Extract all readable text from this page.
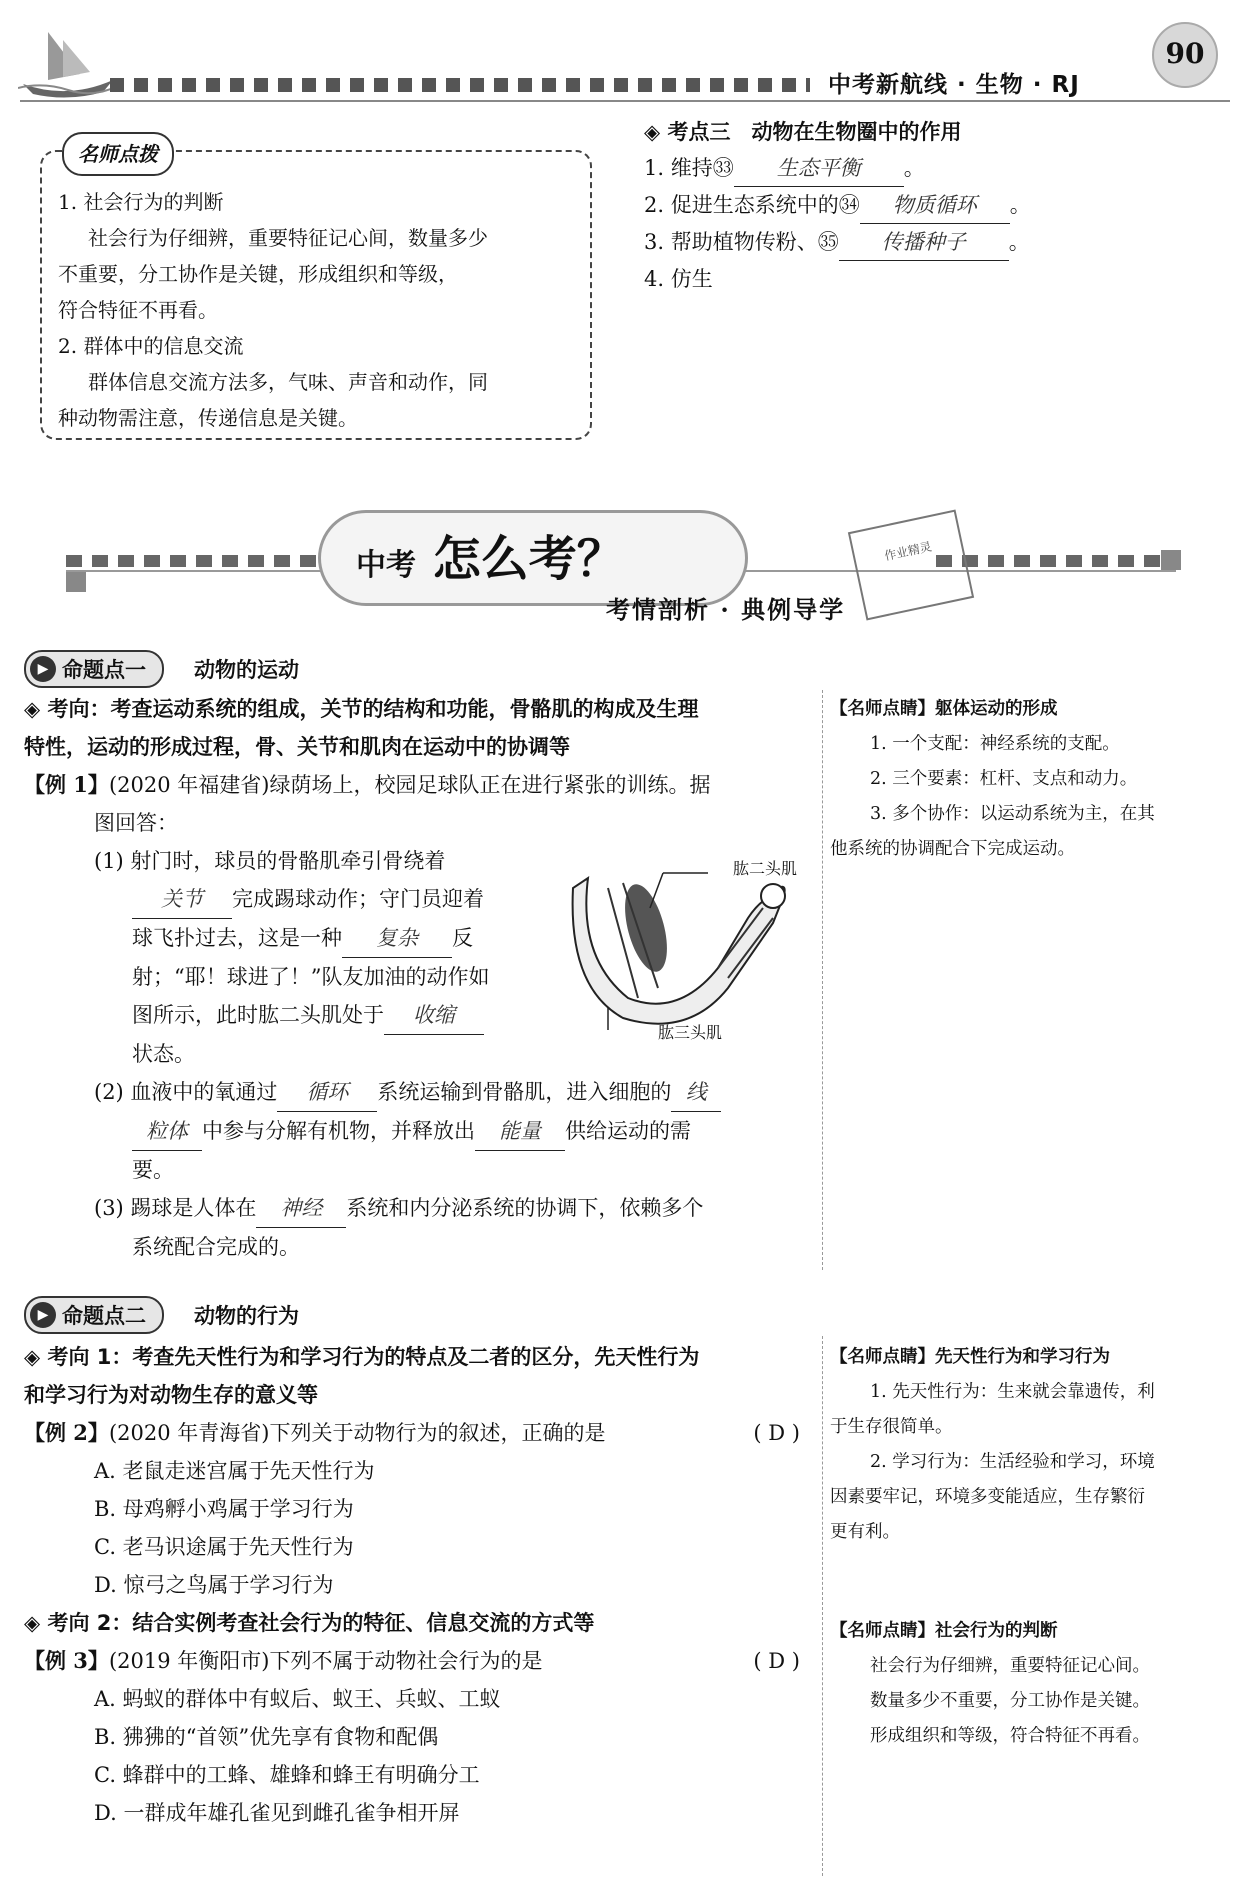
中考新航线 · 生物 · RJ
90
名师点拨
1. 社会行为的判断
社会行为仔细辨，重要特征记心间，数量多少
不重要，分工协作是关键，形成组织和等级，
符合特征不再看。
2. 群体中的信息交流
群体信息交流方法多，气味、声音和动作，同
种动物需注意，传递信息是关键。
◈ 考点三　动物在生物圈中的作用
1. 维持㉝ 生态平衡 。
2. 促进生态系统中的㉞ 物质循环 。
3. 帮助植物传粉、㉟ 传播种子 。
4. 仿生
中考 怎么考？
考情剖析 · 典例导学
作业精灵
▶ 命题点一 动物的运动
◈ 考向：考查运动系统的组成，关节的结构和功能，骨骼肌的构成及生理
特性，运动的形成过程，骨、关节和肌肉在运动中的协调等
【例 1】(2020 年福建省)绿荫场上，校园足球队正在进行紧张的训练。据
图回答：
(1) 射门时，球员的骨骼肌牵引骨绕着
关节 完成踢球动作；守门员迎着
球飞扑过去，这是一种 复杂 反
射；“耶！球进了！”队友加油的动作如
图所示，此时肱二头肌处于 收缩
状态。
(2) 血液中的氧通过 循环 系统运输到骨骼肌，进入细胞的 线
粒体 中参与分解有机物，并释放出 能量 供给运动的需
要。
(3) 踢球是人体在 神经 系统和内分泌系统的协调下，依赖多个
系统配合完成的。
肱二头肌
肱三头肌
【名师点睛】躯体运动的形成
1. 一个支配：神经系统的支配。
2. 三个要素：杠杆、支点和动力。
3. 多个协作：以运动系统为主，在其
他系统的协调配合下完成运动。
▶ 命题点二 动物的行为
◈ 考向 1：考查先天性行为和学习行为的特点及二者的区分，先天性行为
和学习行为对动物生存的意义等
【例 2】(2020 年青海省)下列关于动物行为的叙述，正确的是	( D )
A. 老鼠走迷宫属于先天性行为
B. 母鸡孵小鸡属于学习行为
C. 老马识途属于先天性行为
D. 惊弓之鸟属于学习行为
◈ 考向 2：结合实例考查社会行为的特征、信息交流的方式等
【例 3】(2019 年衡阳市)下列不属于动物社会行为的是	( D )
A. 蚂蚁的群体中有蚁后、蚁王、兵蚁、工蚁
B. 狒狒的“首领”优先享有食物和配偶
C. 蜂群中的工蜂、雄蜂和蜂王有明确分工
D. 一群成年雄孔雀见到雌孔雀争相开屏
【名师点睛】先天性行为和学习行为
1. 先天性行为：生来就会靠遗传，利
于生存很简单。
2. 学习行为：生活经验和学习，环境
因素要牢记，环境多变能适应，生存繁衍
更有利。
【名师点睛】社会行为的判断
社会行为仔细辨，重要特征记心间。
数量多少不重要，分工协作是关键。
形成组织和等级，符合特征不再看。
